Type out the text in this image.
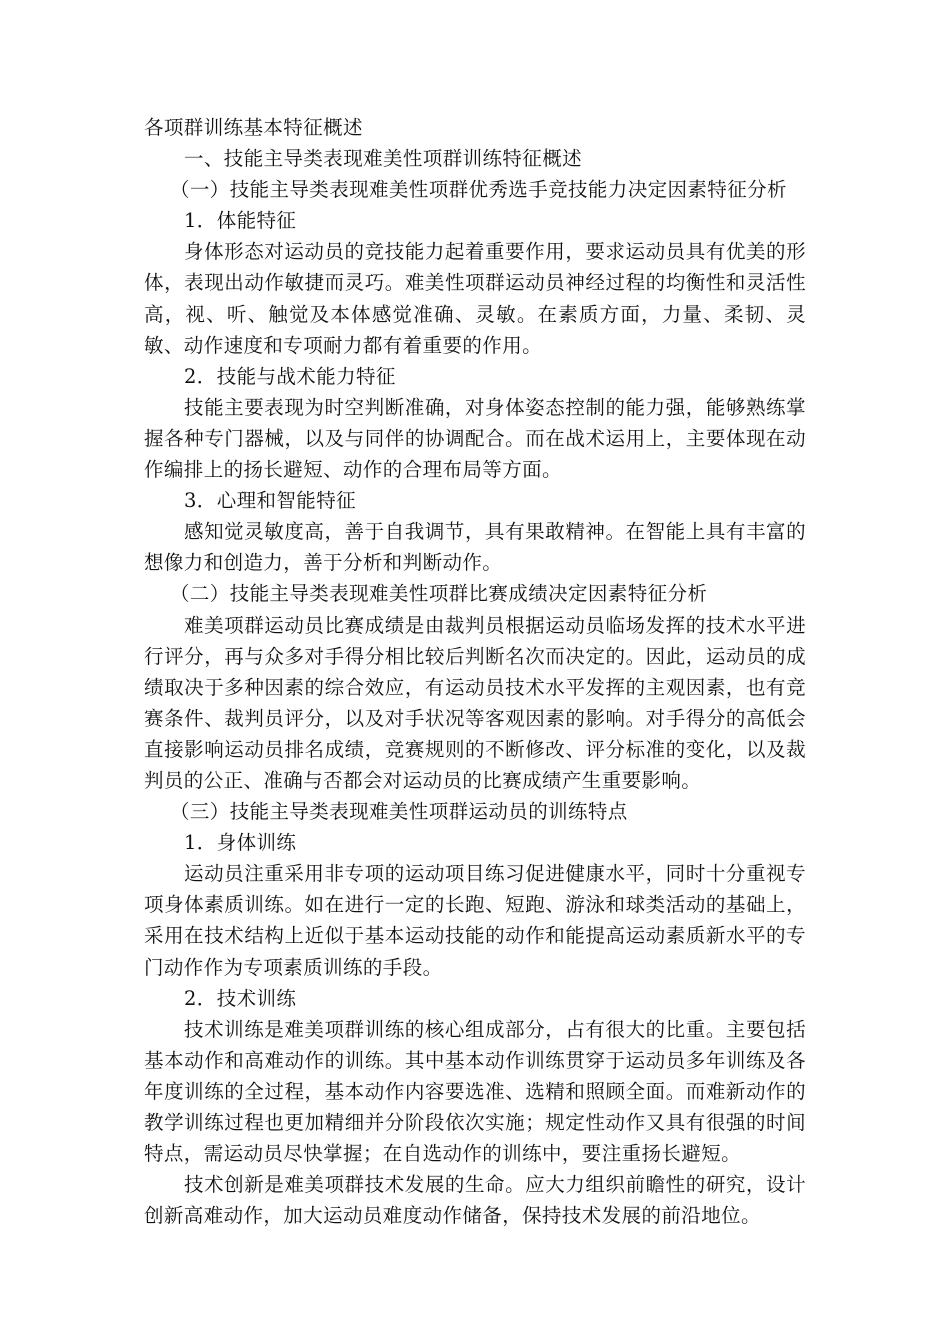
各项群训练基本特征概述

一、技能主导类表现难美性项群训练特征概述

（一）技能主导类表现难美性项群优秀选手竞技能力决定因素特征分析

1．体能特征

身体形态对运动员的竞技能力起着重要作用，要求运动员具有优美的形体，表现出动作敏捷而灵巧。难美性项群运动员神经过程的均衡性和灵活性高，视、听、触觉及本体感觉准确、灵敏。在素质方面，力量、柔韧、灵敏、动作速度和专项耐力都有着重要的作用。

2．技能与战术能力特征

技能主要表现为时空判断准确，对身体姿态控制的能力强，能够熟练掌握各种专门器械，以及与同伴的协调配合。而在战术运用上，主要体现在动作编排上的扬长避短、动作的合理布局等方面。

3．心理和智能特征

感知觉灵敏度高，善于自我调节，具有果敢精神。在智能上具有丰富的想像力和创造力，善于分析和判断动作。

（二）技能主导类表现难美性项群比赛成绩决定因素特征分析

难美项群运动员比赛成绩是由裁判员根据运动员临场发挥的技术水平进行评分，再与众多对手得分相比较后判断名次而决定的。因此，运动员的成绩取决于多种因素的综合效应，有运动员技术水平发挥的主观因素，也有竞赛条件、裁判员评分，以及对手状况等客观因素的影响。对手得分的高低会直接影响运动员排名成绩，竞赛规则的不断修改、评分标准的变化，以及裁判员的公正、准确与否都会对运动员的比赛成绩产生重要影响。

（三）技能主导类表现难美性项群运动员的训练特点

1．身体训练

运动员注重采用非专项的运动项目练习促进健康水平，同时十分重视专项身体素质训练。如在进行一定的长跑、短跑、游泳和球类活动的基础上，采用在技术结构上近似于基本运动技能的动作和能提高运动素质新水平的专门动作作为专项素质训练的手段。

2．技术训练

技术训练是难美项群训练的核心组成部分，占有很大的比重。主要包括基本动作和高难动作的训练。其中基本动作训练贯穿于运动员多年训练及各年度训练的全过程，基本动作内容要选准、选精和照顾全面。而难新动作的教学训练过程也更加精细并分阶段依次实施；规定性动作又具有很强的时间特点，需运动员尽快掌握；在自选动作的训练中，要注重扬长避短。

技术创新是难美项群技术发展的生命。应大力组织前瞻性的研究，设计创新高难动作，加大运动员难度动作储备，保持技术发展的前沿地位。
